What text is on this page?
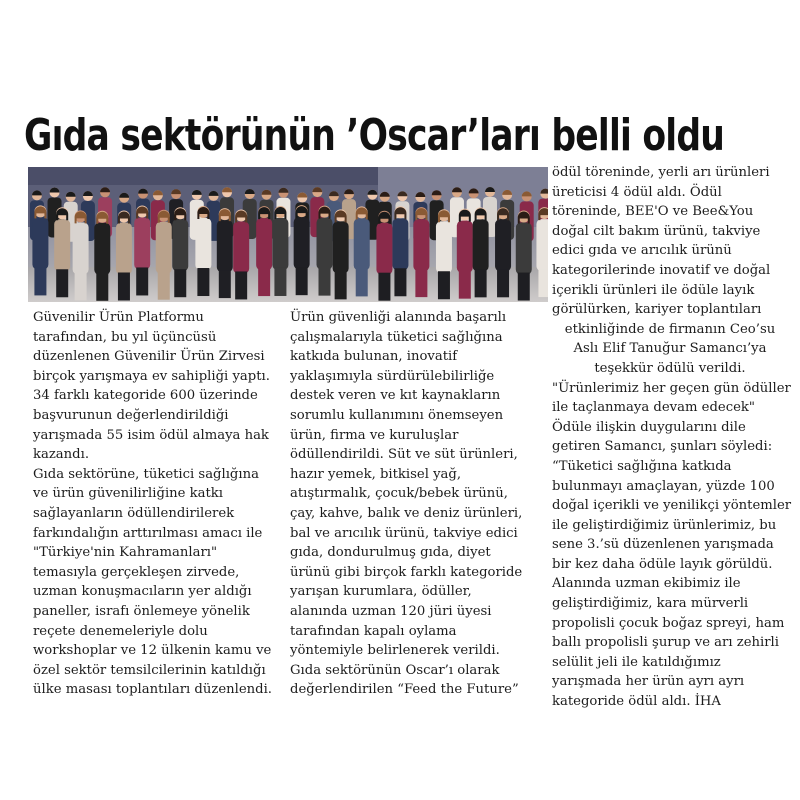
Gıda sektörünün ’Oscar’ları belli oldu

Güvenilir Ürün Platformu

tarafından, bu yıl üçüncüsü

düzenlenen Güvenilir Ürün Zirvesi

birçok yarışmaya ev sahipliği yaptı.

34 farklı kategoride 600 üzerinde

başvurunun değerlendirildiği

yarışmada 55 isim ödül almaya hak

kazandı.

Gıda sektörüne, tüketici sağlığına

ve ürün güvenilirliğine katkı

sağlayanların ödüllendirilerek

farkındalığın arttırılması amacı ile

"Türkiye'nin Kahramanları"

temasıyla gerçekleşen zirvede,

uzman konuşmacıların yer aldığı

paneller, israfı önlemeye yönelik

reçete denemeleriyle dolu

workshoplar ve 12 ülkenin kamu ve

özel sektör temsilcilerinin katıldığı

ülke masası toplantıları düzenlendi.

Ürün güvenliği alanında başarılı

çalışmalarıyla tüketici sağlığına

katkıda bulunan, inovatif

yaklaşımıyla sürdürülebilirliğe

destek veren ve kıt kaynakların

sorumlu kullanımını önemseyen

ürün, firma ve kuruluşlar

ödüllendirildi. Süt ve süt ürünleri,

hazır yemek, bitkisel yağ,

atıştırmalık, çocuk/bebek ürünü,

çay, kahve, balık ve deniz ürünleri,

bal ve arıcılık ürünü, takviye edici

gıda, dondurulmuş gıda, diyet

ürünü gibi birçok farklı kategoride

yarışan kurumlara, ödüller,

alanında uzman 120 jüri üyesi

tarafından kapalı oylama

yöntemiyle belirlenerek verildi.

Gıda sektörünün Oscar’ı olarak

değerlendirilen “Feed the Future”

ödül töreninde, yerli arı ürünleri

üreticisi 4 ödül aldı. Ödül

töreninde, BEE'O ve Bee&You

doğal cilt bakım ürünü, takviye

edici gıda ve arıcılık ürünü

kategorilerinde inovatif ve doğal

içerikli ürünleri ile ödüle layık

görülürken, kariyer toplantıları

etkinliğinde de firmanın Ceo’su

Aslı Elif Tanuğur Samancı’ya

teşekkür ödülü verildi.

"Ürünlerimiz her geçen gün ödüller

ile taçlanmaya devam edecek"

Ödüle ilişkin duygularını dile

getiren Samancı, şunları söyledi:

“Tüketici sağlığına katkıda

bulunmayı amaçlayan, yüzde 100

doğal içerikli ve yenilikçi yöntemler

ile geliştirdiğimiz ürünlerimiz, bu

sene 3.’sü düzenlenen yarışmada

bir kez daha ödüle layık görüldü.

Alanında uzman ekibimiz ile

geliştirdiğimiz, kara mürverli

propolisli çocuk boğaz spreyi, ham

ballı propolisli şurup ve arı zehirli

selülit jeli ile katıldığımız

yarışmada her ürün ayrı ayrı

kategoride ödül aldı. İHA
